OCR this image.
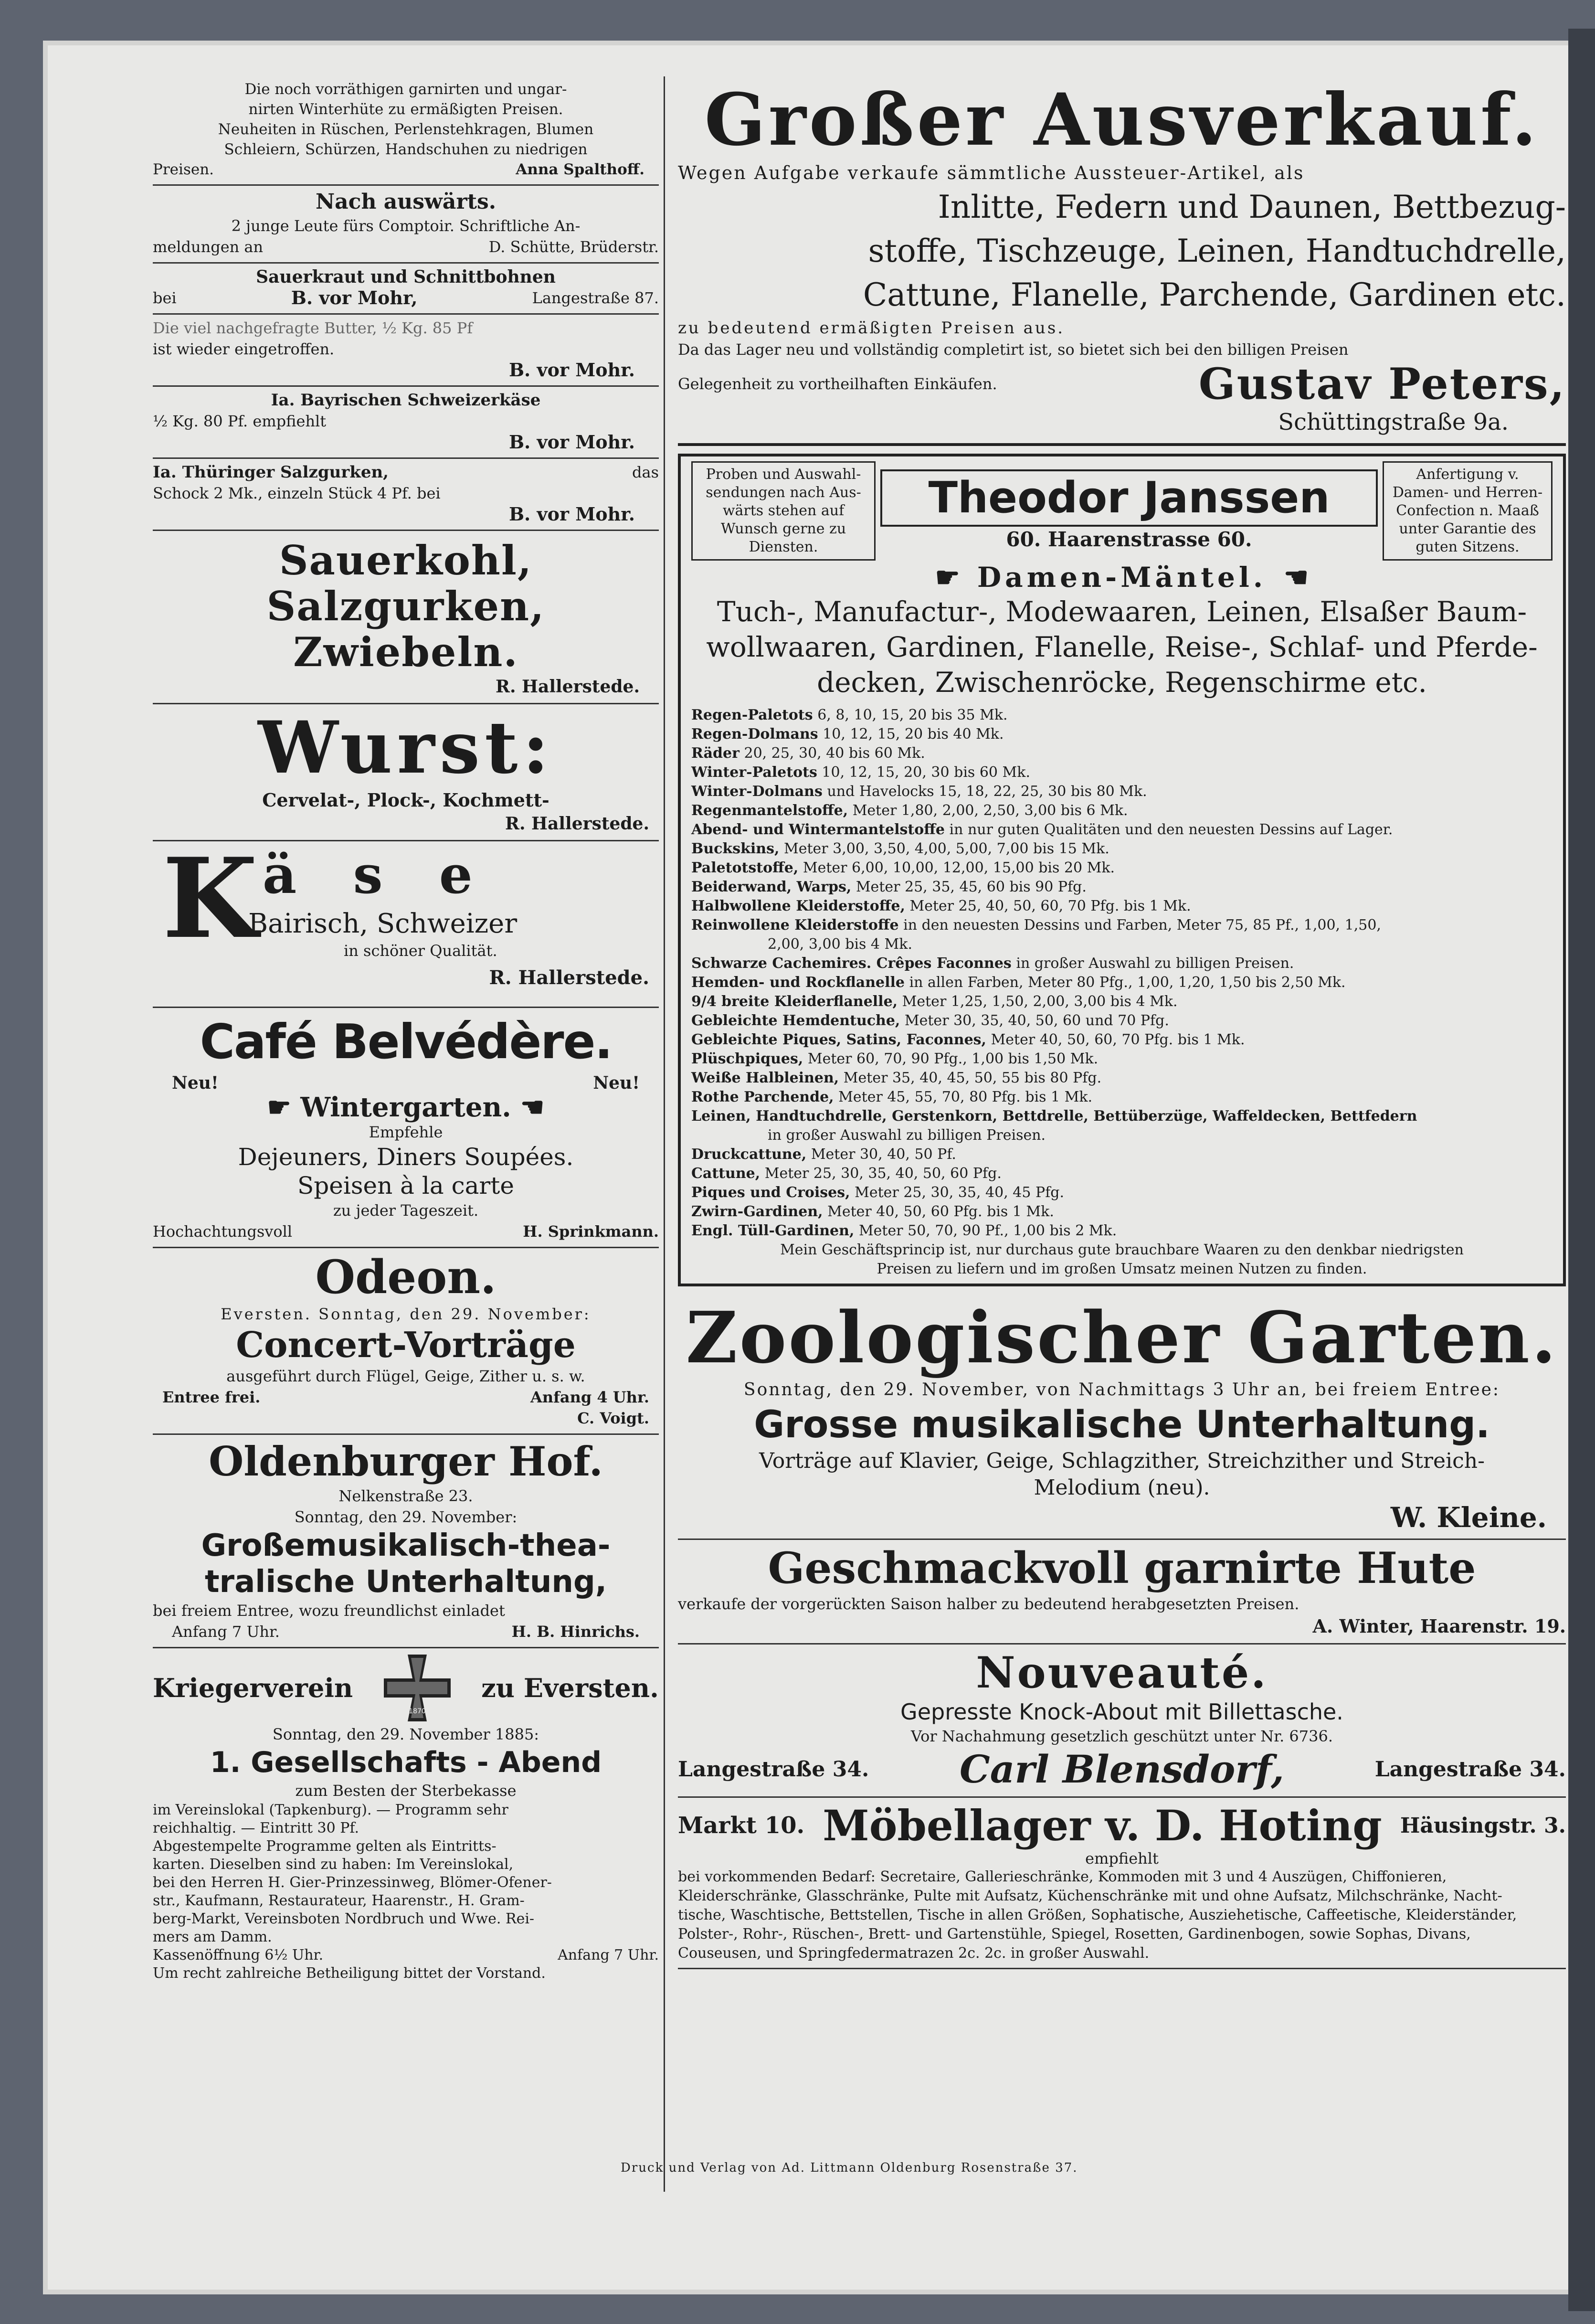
Die noch vorräthigen garnirten und ungar-
nirten Winterhüte zu ermäßigten Preisen.
Neuheiten in Rüschen, Perlenstehkragen, Blumen
Schleiern, Schürzen, Handschuhen zu niedrigen
Preisen.	Anna Spalthoff.
Nach auswärts.
2 junge Leute fürs Comptoir. Schriftliche An-
meldungen an	D. Schütte, Brüderstr.
Sauerkraut und Schnittbohnen
bei	B. vor Mohr,	Langestraße 87.
Die viel nachgefragte Butter, ½ Kg. 85 Pf
ist wieder eingetroffen.
B. vor Mohr.
Ia. Bayrischen Schweizerkäse
½ Kg. 80 Pf. empfiehlt
B. vor Mohr.
Ia. Thüringer Salzgurken,	das
Schock 2 Mk., einzeln Stück 4 Pf. bei
B. vor Mohr.
Sauerkohl,
Salzgurken,
Zwiebeln.
R. Hallerstede.
Wurst:
Cervelat-, Plock-, Kochmett-
R. Hallerstede.
K ä s e
Bairisch, Schweizer
in schöner Qualität.
R. Hallerstede.
Café Belvédère.
Neu!	Neu!
☛ Wintergarten. ☛
Empfehle
Dejeuners, Diners Soupées.
Speisen à la carte
zu jeder Tageszeit.
Hochachtungsvoll	H. Sprinkmann.
Odeon.
Eversten. Sonntag, den 29. November:
Concert-Vorträge
ausgeführt durch Flügel, Geige, Zither u. s. w.
Entree frei.	Anfang 4 Uhr.
C. Voigt.
Oldenburger Hof.
Nelkenstraße 23.
Sonntag, den 29. November:
Großemusikalisch-thea-
tralische Unterhaltung,
bei freiem Entree, wozu freundlichst einladet
Anfang 7 Uhr.	H. B. Hinrichs.
Kriegerverein
1870
zu Eversten.
Sonntag, den 29. November 1885:
1. Gesellschafts - Abend
zum Besten der Sterbekasse
im Vereinslokal (Tapkenburg). — Programm sehr
reichhaltig. — Eintritt 30 Pf.
Abgestempelte Programme gelten als Eintritts-
karten. Dieselben sind zu haben: Im Vereinslokal,
bei den Herren H. Gier-Prinzessinweg, Blömer-Ofener-
str., Kaufmann, Restaurateur, Haarenstr., H. Gram-
berg-Markt, Vereinsboten Nordbruch und Wwe. Rei-
mers am Damm.
Kassenöffnung 6½ Uhr.	Anfang 7 Uhr.
Um recht zahlreiche Betheiligung bittet der Vorstand.
Großer Ausverkauf.
Wegen Aufgabe verkaufe sämmtliche Aussteuer-Artikel, als
Inlitte, Federn und Daunen, Bettbezug-
stoffe, Tischzeuge, Leinen, Handtuchdrelle,
Cattune, Flanelle, Parchende, Gardinen etc.
zu bedeutend ermäßigten Preisen aus.
Da das Lager neu und vollständig completirt ist, so bietet sich bei den billigen Preisen
Gelegenheit zu vortheilhaften Einkäufen.	Gustav Peters,
Schüttingstraße 9a.
Proben und Auswahl-sendungen nach Aus-wärts stehen auf Wunsch gerne zu Diensten.
Theodor Janssen
60. Haarenstrasse 60.
Anfertigung v. Damen- und Herren-Confection n. Maaß unter Garantie des guten Sitzens.
☛ Damen-Mäntel. ☛
Tuch-, Manufactur-, Modewaaren, Leinen, Elsaßer Baum-
wollwaaren, Gardinen, Flanelle, Reise-, Schlaf- und Pferde-
decken, Zwischenröcke, Regenschirme etc.
Regen-Paletots 6, 8, 10, 15, 20 bis 35 Mk.
Regen-Dolmans 10, 12, 15, 20 bis 40 Mk.
Räder 20, 25, 30, 40 bis 60 Mk.
Winter-Paletots 10, 12, 15, 20, 30 bis 60 Mk.
Winter-Dolmans und Havelocks 15, 18, 22, 25, 30 bis 80 Mk.
Regenmantelstoffe, Meter 1,80, 2,00, 2,50, 3,00 bis 6 Mk.
Abend- und Wintermantelstoffe in nur guten Qualitäten und den neuesten Dessins auf Lager.
Buckskins, Meter 3,00, 3,50, 4,00, 5,00, 7,00 bis 15 Mk.
Paletotstoffe, Meter 6,00, 10,00, 12,00, 15,00 bis 20 Mk.
Beiderwand, Warps, Meter 25, 35, 45, 60 bis 90 Pfg.
Halbwollene Kleiderstoffe, Meter 25, 40, 50, 60, 70 Pfg. bis 1 Mk.
Reinwollene Kleiderstoffe in den neuesten Dessins und Farben, Meter 75, 85 Pf., 1,00, 1,50,
2,00, 3,00 bis 4 Mk.
Schwarze Cachemires. Crêpes Faconnes in großer Auswahl zu billigen Preisen.
Hemden- und Rockflanelle in allen Farben, Meter 80 Pfg., 1,00, 1,20, 1,50 bis 2,50 Mk.
9/4 breite Kleiderflanelle, Meter 1,25, 1,50, 2,00, 3,00 bis 4 Mk.
Gebleichte Hemdentuche, Meter 30, 35, 40, 50, 60 und 70 Pfg.
Gebleichte Piques, Satins, Faconnes, Meter 40, 50, 60, 70 Pfg. bis 1 Mk.
Plüschpiques, Meter 60, 70, 90 Pfg., 1,00 bis 1,50 Mk.
Weiße Halbleinen, Meter 35, 40, 45, 50, 55 bis 80 Pfg.
Rothe Parchende, Meter 45, 55, 70, 80 Pfg. bis 1 Mk.
Leinen, Handtuchdrelle, Gerstenkorn, Bettdrelle, Bettüberzüge, Waffeldecken, Bettfedern
in großer Auswahl zu billigen Preisen.
Druckcattune, Meter 30, 40, 50 Pf.
Cattune, Meter 25, 30, 35, 40, 50, 60 Pfg.
Piques und Croises, Meter 25, 30, 35, 40, 45 Pfg.
Zwirn-Gardinen, Meter 40, 50, 60 Pfg. bis 1 Mk.
Engl. Tüll-Gardinen, Meter 50, 70, 90 Pf., 1,00 bis 2 Mk.
Mein Geschäftsprincip ist, nur durchaus gute brauchbare Waaren zu den denkbar niedrigsten
Preisen zu liefern und im großen Umsatz meinen Nutzen zu finden.
Zoologischer Garten.
Sonntag, den 29. November, von Nachmittags 3 Uhr an, bei freiem Entree:
Grosse musikalische Unterhaltung.
Vorträge auf Klavier, Geige, Schlagzither, Streichzither und Streich-
Melodium (neu).
W. Kleine.
Geschmackvoll garnirte Hute
verkaufe der vorgerückten Saison halber zu bedeutend herabgesetzten Preisen.
A. Winter, Haarenstr. 19.
Nouveauté.
Gepresste Knock-About mit Billettasche.
Vor Nachahmung gesetzlich geschützt unter Nr. 6736.
Langestraße 34. Carl Blensdorf,	Langestraße 34.
Markt 10. Möbellager v. D. Hoting Häusingstr. 3.
empfiehlt
bei vorkommenden Bedarf: Secretaire, Gallerieschränke, Kommoden mit 3 und 4 Auszügen, Chiffonieren,
Kleiderschränke, Glasschränke, Pulte mit Aufsatz, Küchenschränke mit und ohne Aufsatz, Milchschränke, Nacht-
tische, Waschtische, Bettstellen, Tische in allen Größen, Sophatische, Ausziehetische, Caffeetische, Kleiderständer,
Polster-, Rohr-, Rüschen-, Brett- und Gartenstühle, Spiegel, Rosetten, Gardinenbogen, sowie Sophas, Divans,
Couseusen, und Springfedermatrazen 2c. 2c. in großer Auswahl.
Druck und Verlag von Ad. Littmann Oldenburg Rosenstraße 37.
